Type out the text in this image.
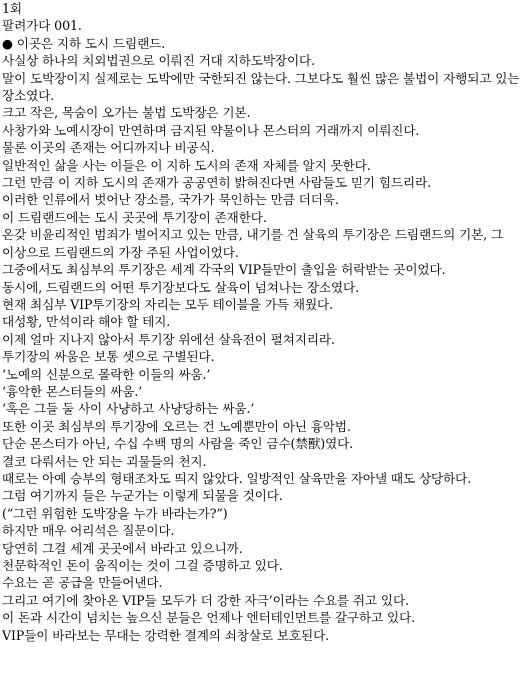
1회

팔려가다 001.

● 이곳은 지하 도시 드림랜드.

사실상 하나의 치외법권으로 이뤄진 거대 지하도박장이다.

말이 도박장이지 실제로는 도박에만 국한되진 않는다. 그보다도 훨씬 많은 불법이 자행되고 있는 장소였다.

크고 작은, 목숨이 오가는 불법 도박장은 기본.

사창가와 노예시장이 만연하며 금지된 약물이나 몬스터의 거래까지 이뤄진다.

물론 이곳의 존재는 어디까지나 비공식.

일반적인 삶을 사는 이들은 이 지하 도시의 존재 자체를 알지 못한다.

그런 만큼 이 지하 도시의 존재가 공공연히 밝혀진다면 사람들도 믿기 힘드리라.

이러한 인류에서 벗어난 장소를, 국가가 묵인하는 만큼 더더욱.

이 드림랜드에는 도시 곳곳에 투기장이 존재한다.

온갖 비윤리적인 범죄가 벌어지고 있는 만큼, 내기를 건 살육의 투기장은 드림랜드의 기본, 그 이상으로 드림랜드의 가장 주된 사업이었다.

그중에서도 최심부의 투기장은 세계 각국의 VIP들만이 출입을 허락받는 곳이었다.

동시에, 드림랜드의 어떤 투기장보다도 살육이 넘쳐나는 장소였다.

현재 최심부 VIP투기장의 자리는 모두 테이블을 가득 채웠다.

대성황, 만석이라 해야 할 테지.

이제 얼마 지나지 않아서 투기장 위에선 살육전이 펼쳐지리라.

투기장의 싸움은 보통 셋으로 구별된다.

‘노예의 신분으로 몰락한 이들의 싸움.’

‘흉악한 몬스터들의 싸움.’

‘혹은 그들 둘 사이 사냥하고 사냥당하는 싸움.’

또한 이곳 최심부의 투기장에 오르는 건 노예뿐만이 아닌 흉악범.

단순 몬스터가 아닌, 수십 수백 명의 사람을 죽인 금수(禁獸)였다.

결코 다뤄서는 안 되는 괴물들의 천지.

때로는 아예 승부의 형태조차도 띄지 않았다. 일방적인 살육만을 자아낼 때도 상당하다.

그럼 여기까지 들은 누군가는 이렇게 되물을 것이다.

(“그런 위험한 도박장을 누가 바라는가?”)

하지만 매우 어리석은 질문이다.

당연히 그걸 세계 곳곳에서 바라고 있으니까.

천문학적인 돈이 움직이는 것이 그걸 증명하고 있다.

수요는 곧 공급을 만들어낸다.

그리고 여기에 찾아온 VIP들 모두가 더 강한 자극’이라는 수요를 쥐고 있다.

이 돈과 시간이 넘치는 높으신 분들은 언제나 엔터테인먼트를 갈구하고 있다.

VIP들이 바라보는 무대는 강력한 결계의 쇠창살로 보호된다.
